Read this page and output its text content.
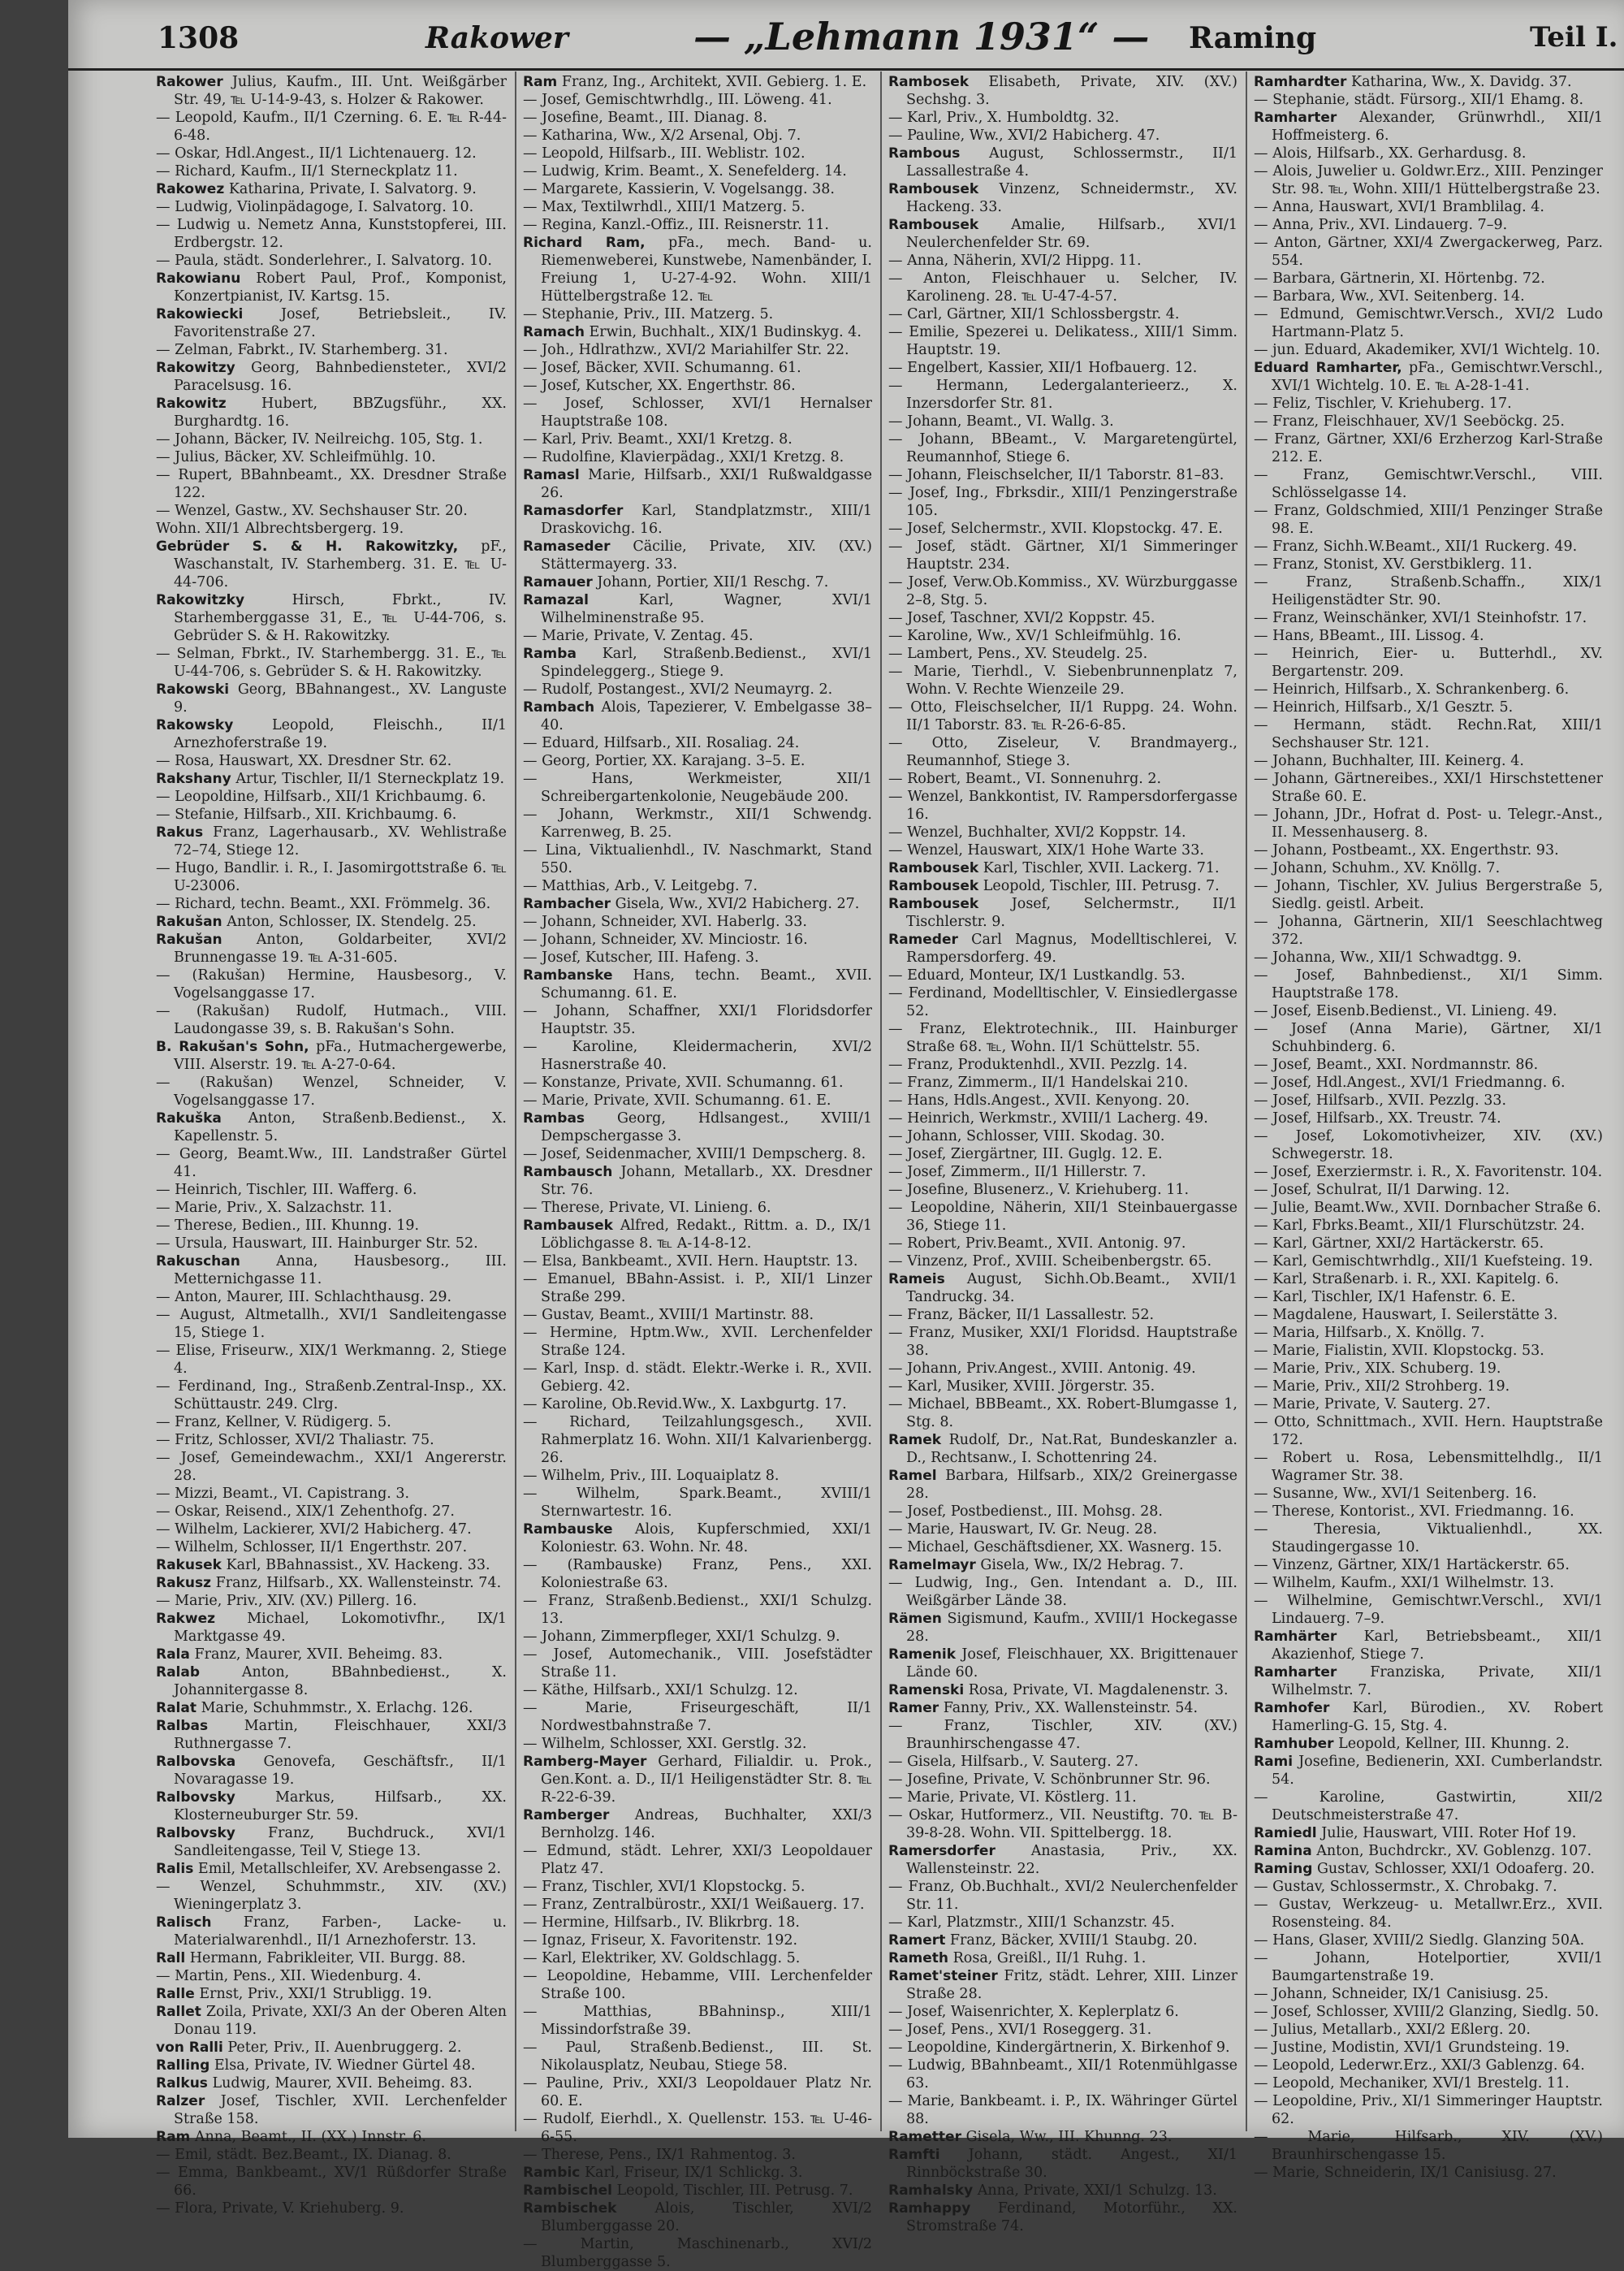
1308	Rakower	— „Lehmann 1931“ — Raming	Teil I.

Rakower Julius, Kaufm., III. Unt. Weißgärber Str. 49, ℡ U-14-9-43, s. Holzer & Rakower.

— Leopold, Kaufm., II/1 Czerning. 6. E. ℡ R-44-6-48.

— Oskar, Hdl.Angest., II/1 Lichtenauerg. 12.

— Richard, Kaufm., II/1 Sterneckplatz 11.

Rakowez Katharina, Private, I. Salvatorg. 9.

— Ludwig, Violinpädagoge, I. Salvatorg. 10.

— Ludwig u. Nemetz Anna, Kunststopferei, III. Erdbergstr. 12.

— Paula, städt. Sonderlehrer., I. Salvatorg. 10.

Rakowianu Robert Paul, Prof., Komponist, Konzertpianist, IV. Kartsg. 15.

Rakowiecki	Josef, Betriebsleit., IV. Favoritenstraße 27.

— Zelman, Fabrkt., IV. Starhemberg. 31.

Rakowitzy Georg, Bahnbediensteter., XVI/2 Paracelsusg. 16.

Rakowitz Hubert, BBZugsführ., XX. Burghardtg. 16.

— Johann, Bäcker, IV. Neilreichg. 105, Stg. 1.

— Julius, Bäcker, XV. Schleifmühlg. 10.

— Rupert, BBahnbeamt., XX. Dresdner Straße 122.

— Wenzel, Gastw., XV. Sechshauser Str. 20.

Wohn. XII/1 Albrechtsbergerg. 19.

Gebrüder S. & H. Rakowitzky, pF., Waschanstalt, IV. Starhemberg. 31. E. ℡ U-44-706.

Rakowitzky	Hirsch, Fbrkt., IV. Starhemberggasse 31, E., ℡ U-44-706, s. Gebrüder S. & H. Rakowitzky.

— Selman, Fbrkt., IV. Starhembergg. 31. E., ℡ U-44-706, s. Gebrüder S. & H. Rakowitzky.

Rakowski Georg, BBahnangest., XV. Languste 9.

Rakowsky	Leopold, Fleischh., II/1 Arnezhoferstraße 19.

— Rosa, Hauswart, XX. Dresdner Str. 62.

Rakshany Artur, Tischler, II/1 Sterneckplatz 19.

— Leopoldine, Hilfsarb., XII/1 Krichbaumg. 6.

— Stefanie, Hilfsarb., XII. Krichbaumg. 6.

Rakus Franz, Lagerhausarb., XV. Wehlistraße 72–74, Stiege 12.

— Hugo, Bandlir. i. R., I. Jasomirgottstraße 6. ℡ U-23006.

— Richard, techn. Beamt., XXI. Frömmelg. 36.

Rakušan Anton, Schlosser, IX. Stendelg. 25.

Rakušan Anton, Goldarbeiter, XVI/2 Brunnengasse 19. ℡ A-31-605.

— (Rakušan) Hermine, Hausbesorg., V. Vogelsanggasse 17.

— (Rakušan) Rudolf, Hutmach., VIII. Laudongasse 39, s. B. Rakušan's Sohn.

B. Rakušan's Sohn, pFa., Hutmachergewerbe, VIII. Alserstr. 19. ℡ A-27-0-64.

— (Rakušan) Wenzel, Schneider, V. Vogelsanggasse 17.

Rakuška Anton, Straßenb.Bedienst., X. Kapellenstr. 5.

— Georg, Beamt.Ww., III. Landstraßer Gürtel 41.

— Heinrich, Tischler, III. Wafferg. 6.

— Marie, Priv., X. Salzachstr. 11.

— Therese, Bedien., III. Khunng. 19.

— Ursula, Hauswart, III. Hainburger Str. 52.

Rakuschan	Anna, Hausbesorg., III. Metternichgasse 11.

— Anton, Maurer, III. Schlachthausg. 29.

— August, Altmetallh., XVI/1 Sandleitengasse 15, Stiege 1.

— Elise, Friseurw., XIX/1 Werkmanng. 2, Stiege 4.

— Ferdinand, Ing., Straßenb.Zentral-Insp., XX. Schüttaustr. 249. Clrg.

— Franz, Kellner, V. Rüdigerg. 5.

— Fritz, Schlosser, XVI/2 Thaliastr. 75.

— Josef, Gemeindewachm., XXI/1 Angererstr. 28.

— Mizzi, Beamt., VI. Capistrang. 3.

— Oskar, Reisend., XIX/1 Zehenthofg. 27.

— Wilhelm, Lackierer, XVI/2 Habicherg. 47.

— Wilhelm, Schlosser, II/1 Engerthstr. 207.

Rakusek Karl, BBahnassist., XV. Hackeng. 33.

Rakusz Franz, Hilfsarb., XX. Wallensteinstr. 74.

— Marie, Priv., XIV. (XV.) Pillerg. 16.

Rakwez Michael, Lokomotivfhr., IX/1 Marktgasse 49.

Rala Franz, Maurer, XVII. Beheimg. 83.

Ralab	Anton, BBahnbediенst., X. Johannitergasse 8.

Ralat Marie, Schuhmmstr., X. Erlachg. 126.

Ralbas	Martin, Fleischhauer, XXI/3 Ruthnergasse 7.

Ralbovska Genovefa, Geschäftsfr., II/1 Novaragasse 19.

Ralbovsky	Markus, Hilfsarb., XX. Klosterneuburger Str. 59.

Ralbovsky Franz, Buchdruck., XVI/1 Sandleitengasse, Teil V, Stiege 13.

Ralis Emil, Metallschleifer, XV. Arebsengasse 2.

— Wenzel, Schuhmmstr., XIV. (XV.) Wieningerplatz 3.

Ralisch Franz, Farben-, Lacke- u. Materialwarenhdl., II/1 Arnezhoferstr. 13.

Rall Hermann, Fabrikleiter, VII. Burgg. 88.

— Martin, Pens., XII. Wiedenburg. 4.

Ralle Ernst, Priv., XXI/1 Strubligg. 19.

Rallet Zoila, Private, XXI/3 An der Oberen Alten Donau 119.

von Ralli Peter, Priv., II. Auenbruggerg. 2.

Ralling Elsa, Private, IV. Wiedner Gürtel 48.

Ralkus Ludwig, Maurer, XVII. Beheimg. 83.

Ralzer Josef, Tischler, XVII. Lerchenfelder Straße 158.

Ram Anna, Beamt., II. (XX.) Innstr. 6.

— Emil, städt. Bez.Beamt., IX. Dianag. 8.

— Emma, Bankbeamt., XV/1 Rüßdorfer Straße 66.

— Flora, Private, V. Kriehuberg. 9.

Ram Franz, Ing., Architekt, XVII. Gebierg. 1. E.

— Josef, Gemischtwrhdlg., III. Löwеng. 41.

— Josefine, Beamt., III. Dianag. 8.

— Katharina, Ww., X/2 Arsenal, Obj. 7.

— Leopold, Hilfsarb., III. Weblistr. 102.

— Ludwig, Krim. Beamt., X. Senefelderg. 14.

— Margarete, Kassierin, V. Vogelsangg. 38.

— Max, Textilwrhdl., XIII/1 Matzerg. 5.

— Regina, Kanzl.-Offiz., III. Reisnerstr. 11.

Richard Ram, pFa., mech. Band- u. Riemenweberei, Kunstwebe, Namenbänder, I. Freiung 1, U-27-4-92. Wohn. XIII/1 Hüttelbergstraße 12. ℡

— Stephanie, Priv., III. Matzerg. 5.

Ramach Erwin, Buchhalt., XIX/1 Budinskyg. 4.

— Joh., Hdlrathzw., XVI/2 Mariahilfer Str. 22.

— Josef, Bäcker, XVII. Schumanng. 61.

— Josef, Kutscher, XX. Engerthstr. 86.

— Josef, Schlosser, XVI/1 Hernalser Hauptstraße 108.

— Karl, Priv. Beamt., XXI/1 Kretzg. 8.

— Rudolfine, Klavierpädag., XXI/1 Kretzg. 8.

Ramasl Marie, Hilfsarb., XXI/1 Rußwaldgasse 26.

Ramasdorfer Karl, Standplatzmstr., XIII/1 Draskovichg. 16.

Ramaseder Cäcilie, Private, XIV. (XV.) Stättermayerg. 33.

Ramauer Johann, Portier, XII/1 Reschg. 7.

Ramazal	Karl, Wagner, XVI/1 Wilhelminenstraße 95.

— Marie, Private, V. Zentag. 45.

Ramba Karl, Straßenb.Bedienst., XVI/1 Spindeleggerg., Stiege 9.

— Rudolf, Postangest., XVI/2 Neumayrg. 2.

Rambach Alois, Tapezierer, V. Embelgasse 38–40.

— Eduard, Hilfsarb., XII. Rosaliag. 24.

— Georg, Portier, XX. Karajang. 3–5. E.

— Hans, Werkmeister, XII/1 Schreibergartenkolonie, Neugebäude 200.

— Johann, Werkmstr., XII/1 Schwendg. Karrenweg, B. 25.

— Lina, Viktualienhdl., IV. Naschmarkt, Stand 550.

— Matthias, Arb., V. Leitgebg. 7.

Rambacher Gisela, Ww., XVI/2 Habicherg. 27.

— Johann, Schneider, XVI. Haberlg. 33.

— Johann, Schneider, XV. Minciostr. 16.

— Josef, Kutscher, III. Hafeng. 3.

Rambanske Hans, techn. Beamt., XVII. Schumanng. 61. E.

— Johann, Schaffner, XXI/1 Floridsdorfer Hauptstr. 35.

— Karoline, Kleidermacherin, XVI/2 Hasnerstraße 40.

— Konstanze, Private, XVII. Schumanng. 61.

— Marie, Private, XVII. Schumanng. 61. E.

Rambas Georg, Hdlsangest., XVIII/1 Dempschergasse 3.

— Josef, Seidenmacher, XVIII/1 Dempscherg. 8.

Rambausch Johann, Metallarb., XX. Dresdner Str. 76.

— Therese, Private, VI. Liniеng. 6.

Rambausek Alfred, Redakt., Rittm. a. D., IX/1 Löblichgasse 8. ℡ A-14-8-12.

— Elsa, Bankbeamt., XVII. Hern. Hauptstr. 13.

— Emanuel, BBahn-Assist. i. P., XII/1 Linzer Straße 299.

— Gustav, Beamt., XVIII/1 Martinstr. 88.

— Hermine, Hptm.Ww., XVII. Lerchenfelder Straße 124.

— Karl, Insp. d. städt. Elektr.-Werke i. R., XVII. Gebierg. 42.

— Karoline, Ob.Revid.Ww., X. Laxbgurtg. 17.

— Richard, Teilzahlungsgesch., XVII. Rahmerplatz 16. Wohn. XII/1 Kalvarienbergg. 26.

— Wilhelm, Priv., III. Loquaiplatz 8.

— Wilhelm, Spark.Beamt., XVIII/1 Sternwartestr. 16.

Rambauske Alois, Kupferschmied, XXI/1 Koloniestr. 63. Wohn. Nr. 48.

— (Rambauske) Franz, Pens., XXI. Koloniestraße 63.

— Franz, Straßenb.Bedienst., XXI/1 Schulzg. 13.

— Johann, Zimmerpfleger, XXI/1 Schulzg. 9.

— Josef, Automechanik., VIII. Josefstädter Straße 11.

— Käthe, Hilfsarb., XXI/1 Schulzg. 12.

— Marie, Friseurgeschäft, II/1 Nordwestbahnstraße 7.

— Wilhelm, Schlosser, XXI. Gerstlg. 32.

Ramberg-Mayer Gerhard, Filialdir. u. Prok., Gen.Kont. a. D., II/1 Heiligenstädter Str. 8. ℡ R-22-6-39.

Ramberger Andreas, Buchhalter, XXI/3 Bernholzg. 146.

— Edmund, städt. Lehrer, XXI/3 Leopoldauer Platz 47.

— Franz, Tischler, XVI/1 Klopstockg. 5.

— Franz, Zentralbürostr., XXI/1 Weißauerg. 17.

— Hermine, Hilfsarb., IV. Blikrbrg. 18.

— Ignaz, Friseur, X. Favoritenstr. 192.

— Karl, Elektriker, XV. Goldschlagg. 5.

— Leopoldine, Hebamme, VIII. Lerchenfelder Straße 100.

— Matthias, BBahninsp., XIII/1 Missindorfstraße 39.

— Paul, Straßenb.Bedienst., III. St. Nikolausplatz, Neubau, Stiege 58.

— Pauline, Priv., XXI/3 Leopoldauer Platz Nr. 60. E.

— Rudolf, Eierhdl., X. Quellenstr. 153. ℡ U-46-6-55.

— Therese, Pens., IX/1 Rahmentog. 3.

Rambic Karl, Friseur, IX/1 Schlickg. 3.

Rambischel Leopold, Tischler, III. Petrusg. 7.

Rambischek	Alois, Tischler, XVI/2 Blumberggasse 20.

— Martin, Maschinenarb., XVI/2 Blumberggasse 5.

Rambosek Elisabeth, Private, XIV. (XV.) Sechshg. 3.

— Karl, Priv., X. Humboldtg. 32.

— Pauline, Ww., XVI/2 Habicherg. 47.

Rambous August, Schlossermstr., II/1 Lassallestraße 4.

Rambousek Vinzenz, Schneidermstr., XV. Hackeng. 33.

Rambousek Amalie, Hilfsarb., XVI/1 Neulerchenfelder Str. 69.

— Anna, Näherin, XVI/2 Hippg. 11.

— Anton, Fleischhauer u. Selcher, IV. Karolinеng. 28. ℡ U-47-4-57.

— Carl, Gärtner, XII/1 Schlossbergstr. 4.

— Emilie, Spezerei u. Delikatess., XIII/1 Simm. Hauptstr. 19.

— Engelbert, Kassier, XII/1 Hofbauerg. 12.

— Hermann, Ledergalanterieerz., X. Inzersdorfer Str. 81.

— Johann, Beamt., VI. Wallg. 3.

— Johann, BBeamt., V. Margaretengürtel, Reumannhof, Stiege 6.

— Johann, Fleischselcher, II/1 Taborstr. 81–83.

— Josef, Ing., Fbrksdir., XIII/1 Penzingerstraße 105.

— Josef, Selchermstr., XVII. Klopstockg. 47. E.

— Josef, städt. Gärtner, XI/1 Simmeringer Hauptstr. 234.

— Josef, Verw.Ob.Kommiss., XV. Würzburggasse 2–8, Stg. 5.

— Josef, Taschner, XVI/2 Koppstr. 45.

— Karoline, Ww., XV/1 Schleifmühlg. 16.

— Lambert, Pens., XV. Steudelg. 25.

— Marie, Tierhdl., V. Siebenbrunnenplatz 7, Wohn. V. Rechte Wienzeile 29.

— Otto, Fleischselcher, II/1 Ruppg. 24. Wohn. II/1 Taborstr. 83. ℡ R-26-6-85.

— Otto, Ziseleur, V. Brandmayerg., Reumannhof, Stiege 3.

— Robert, Beamt., VI. Sonnenuhrg. 2.

— Wenzel, Bankkontist, IV. Rampersdorfergasse 16.

— Wenzel, Buchhalter, XVI/2 Koppstr. 14.

— Wenzel, Hauswart, XIX/1 Hohe Warte 33.

Rambousek Karl, Tischler, XVII. Lackerg. 71.

Rambousek Leopold, Tischler, III. Petrusg. 7.

Rambousek Josef, Selchermstr., II/1 Tischlerstr. 9.

Rameder Carl Magnus, Modelltischlerei, V. Rampersdorferg. 49.

— Eduard, Monteur, IX/1 Lustkandlg. 53.

— Ferdinand, Modelltischler, V. Einsiedlergasse 52.

— Franz, Elektrotechnik., III. Hainburger Straße 68. ℡, Wohn. II/1 Schüttelstr. 55.

— Franz, Produktenhdl., XVII. Pezzlg. 14.

— Franz, Zimmerm., II/1 Handelskai 210.

— Hans, Hdls.Angest., XVII. Kenyong. 20.

— Heinrich, Werkmstr., XVIII/1 Lacherg. 49.

— Johann, Schlosser, VIII. Skodag. 30.

— Josef, Ziergärtner, III. Guglg. 12. E.

— Josef, Zimmerm., II/1 Hillerstr. 7.

— Josefine, Blusenerz., V. Kriehuberg. 11.

— Leopoldine, Näherin, XII/1 Steinbauergasse 36, Stiege 11.

— Robert, Priv.Beamt., XVII. Antonig. 97.

— Vinzenz, Prof., XVIII. Scheibenbergstr. 65.

Rameis August, Sichh.Ob.Beamt., XVII/1 Tandruckg. 34.

— Franz, Bäcker, II/1 Lassallestr. 52.

— Franz, Musiker, XXI/1 Floridsd. Hauptstraße 38.

— Johann, Priv.Angest., XVIII. Antonig. 49.

— Karl, Musiker, XVIII. Jörgerstr. 35.

— Michael, BBBeamt., XX. Robert-Blumgasse 1, Stg. 8.

Ramek Rudolf, Dr., Nat.Rat, Bundeskanzler a. D., Rechtsanw., I. Schottenring 24.

Ramel Barbara, Hilfsarb., XIX/2 Greinergasse 28.

— Josef, Postbedienst., III. Mohsg. 28.

— Marie, Hauswart, IV. Gr. Neug. 28.

— Michael, Geschäftsdiener, XX. Wasnerg. 15.

Ramelmayr Gisela, Ww., IX/2 Hebrag. 7.

— Ludwig, Ing., Gen. Intendant a. D., III. Weißgärber Lände 38.

Rämen Sigismund, Kaufm., XVIII/1 Hockegasse 28.

Ramenik Josef, Fleischhauer, XX. Brigittenauer Lände 60.

Ramenski Rosa, Private, VI. Magdalenenstr. 3.

Ramer Fanny, Priv., XX. Wallensteinstr. 54.

— Franz, Tischler, XIV. (XV.) Braunhirschengasse 47.

— Gisela, Hilfsarb., V. Sauterg. 27.

— Josefine, Private, V. Schönbrunner Str. 96.

— Marie, Private, VI. Köstlerg. 11.

— Oskar, Hutformerz., VII. Neustiftg. 70. ℡ B-39-8-28. Wohn. VII. Spittelbergg. 18.

Ramersdorfer	Anastasia, Priv., XX. Wallensteinstr. 22.

— Franz, Ob.Buchhalt., XVI/2 Neulerchenfelder Str. 11.

— Karl, Platzmstr., XIII/1 Schanzstr. 45.

Ramert Franz, Bäcker, XVIII/1 Staubg. 20.

Rameth Rosa, Greißl., II/1 Ruhg. 1.

Ramet'steiner Fritz, städt. Lehrer, XIII. Linzer Straße 28.

— Josef, Waisenrichter, X. Keplerplatz 6.

— Josef, Pens., XVI/1 Roseggerg. 31.

— Leopoldine, Kindergärtnerin, X. Birkenhof 9.

— Ludwig, BBahnbeamt., XII/1 Rotenmühlgasse 63.

— Marie, Bankbeamt. i. P., IX. Währinger Gürtel 88.

Rametter Gisela, Ww., III. Khunng. 23.

Ramfti Johann, städt. Angest., XI/1 Rinnböckstraße 30.

Ramhalsky Anna, Private, XXI/1 Schulzg. 13.

Ramhappy Ferdinand, Motorführ., XX. Stromstraße 74.

Ramhardter Katharina, Ww., X. Davidg. 37.

— Stephanie, städt. Fürsorg., XII/1 Ehamg. 8.

Ramharter Alexander, Grünwrhdl., XII/1 Hoffmeisterg. 6.

— Alois, Hilfsarb., XX. Gerhardusg. 8.

— Alois, Juwelier u. Goldwr.Erz., XIII. Penzinger Str. 98. ℡, Wohn. XIII/1 Hüttelbergstraße 23.

— Anna, Hauswart, XVI/1 Bramblilag. 4.

— Anna, Priv., XVI. Lindauerg. 7–9.

— Anton, Gärtner, XXI/4 Zwergackerweg, Parz. 554.

— Barbara, Gärtnerin, XI. Hörtenbg. 72.

— Barbara, Ww., XVI. Seitenberg. 14.

— Edmund, Gemischtwr.Versch., XVI/2 Ludo Hartmann-Platz 5.

— jun. Eduard, Akademiker, XVI/1 Wichtelg. 10.

Eduard Ramharter, pFa., Gemischtwr.Verschl., XVI/1 Wichtelg. 10. E. ℡ A-28-1-41.

— Feliz, Tischler, V. Kriehuberg. 17.

— Franz, Fleischhauer, XV/1 Seeböckg. 25.

— Franz, Gärtner, XXI/6 Erzherzog Karl-Straße 212. E.

— Franz, Gemischtwr.Verschl., VIII. Schlösselgasse 14.

— Franz, Goldschmied, XIII/1 Penzinger Straße 98. E.

— Franz, Sichh.W.Beamt., XII/1 Ruckerg. 49.

— Franz, Stonist, XV. Gerstbiklerg. 11.

— Franz, Straßenb.Schaffn., XIX/1 Heiligenstädter Str. 90.

— Franz, Weinschänker, XVI/1 Steinhofstr. 17.

— Hans, BBeamt., III. Lissog. 4.

— Heinrich, Eier- u. Butterhdl., XV. Bergartenstr. 209.

— Heinrich, Hilfsarb., X. Schrankenberg. 6.

— Heinrich, Hilfsarb., X/1 Gesztr. 5.

— Hermann, städt. Rechn.Rat, XIII/1 Sechshauser Str. 121.

— Johann, Buchhalter, III. Keinerg. 4.

— Johann, Gärtnereibes., XXI/1 Hirschstettener Straße 60. E.

— Johann, JDr., Hofrat d. Post- u. Telegr.-Anst., II. Messenhauserg. 8.

— Johann, Postbeamt., XX. Engerthstr. 93.

— Johann, Schuhm., XV. Knöllg. 7.

— Johann, Tischler, XV. Julius Bergerstraße 5, Siedlg. geistl. Arbeit.

— Johanna, Gärtnerin, XII/1 Seeschlachtweg 372.

— Johanna, Ww., XII/1 Schwadtgg. 9.

— Josef, Bahnbedienst., XI/1 Simm. Hauptstraße 178.

— Josef, Eisenb.Bedienst., VI. Liniеng. 49.

— Josef (Anna Marie), Gärtner, XI/1 Schuhbinderg. 6.

— Josef, Beamt., XXI. Nordmannstr. 86.

— Josef, Hdl.Angest., XVI/1 Friedmanng. 6.

— Josef, Hilfsarb., XVII. Pezzlg. 33.

— Josef, Hilfsarb., XX. Treustr. 74.

— Josef, Lokomotivheizer, XIV. (XV.) Schwegerstr. 18.

— Josef, Exerziermstr. i. R., X. Favoritenstr. 104.

— Josef, Schulrat, II/1 Darwing. 12.

— Julie, Beamt.Ww., XVII. Dornbacher Straße 6.

— Karl, Fbrks.Beamt., XII/1 Flurschützstr. 24.

— Karl, Gärtner, XXI/2 Hartäckerstr. 65.

— Karl, Gemischtwrhdlg., XII/1 Kuefsteing. 19.

— Karl, Straßenarb. i. R., XXI. Kapitelg. 6.

— Karl, Tischler, IX/1 Hafenstr. 6. E.

— Magdalene, Hauswart, I. Seilerstätte 3.

— Maria, Hilfsarb., X. Knöllg. 7.

— Marie, Fialistin, XVII. Klopstockg. 53.

— Marie, Priv., XIX. Schuberg. 19.

— Marie, Priv., XII/2 Strohberg. 19.

— Marie, Private, V. Sauterg. 27.

— Otto, Schnittmach., XVII. Hern. Hauptstraße 172.

— Robert u. Rosa, Lebensmittelhdlg., II/1 Wagramer Str. 38.

— Susanne, Ww., XVI/1 Seitenberg. 16.

— Therese, Kontorist., XVI. Friedmanng. 16.

— Theresia, Viktualienhdl., XX. Staudingergasse 10.

— Vinzenz, Gärtner, XIX/1 Hartäckerstr. 65.

— Wilhelm, Kaufm., XXI/1 Wilhelmstr. 13.

— Wilhelmine, Gemischtwr.Verschl., XVI/1 Lindauerg. 7–9.

Ramhärter Karl, Betriebsbeamt., XII/1 Akazienhof, Stiege 7.

Ramharter Franziska, Private, XII/1 Wilhelmstr. 7.

Ramhofer Karl, Bürodien., XV. Robert Hamerling-G. 15, Stg. 4.

Ramhuber Leopold, Kellner, III. Khunng. 2.

Rami Josefine, Bedienerin, XXI. Cumberlandstr. 54.

— Karoline, Gastwirtin, XII/2 Deutschmeisterstraße 47.

Ramiedl Julie, Hauswart, VIII. Roter Hof 19.

Ramina Anton, Buchdrckr., XV. Goblenzg. 107.

Raming Gustav, Schlosser, XXI/1 Odoaferg. 20.

— Gustav, Schlossermstr., X. Chrobakg. 7.

— Gustav, Werkzeug- u. Metallwr.Erz., XVII. Rosensteing. 84.

— Hans, Glaser, XVIII/2 Siedlg. Glanzing 50A.

— Johann, Hotelportier, XVII/1 Baumgartenstraße 19.

— Johann, Schneider, IX/1 Canisiusg. 25.

— Josef, Schlosser, XVIII/2 Glanzing, Siedlg. 50.

— Julius, Metallarb., XXI/2 Eßlerg. 20.

— Justine, Modistin, XVI/1 Grundsteing. 19.

— Leopold, Lederwr.Erz., XXI/3 Gablenzg. 64.

— Leopold, Mechaniker, XVI/1 Brestelg. 11.

— Leopoldine, Priv., XI/1 Simmeringer Hauptstr. 62.

— Marie, Hilfsarb., XIV. (XV.) Braunhirschengasse 15.

— Marie, Schneiderin, IX/1 Canisiusg. 27.
